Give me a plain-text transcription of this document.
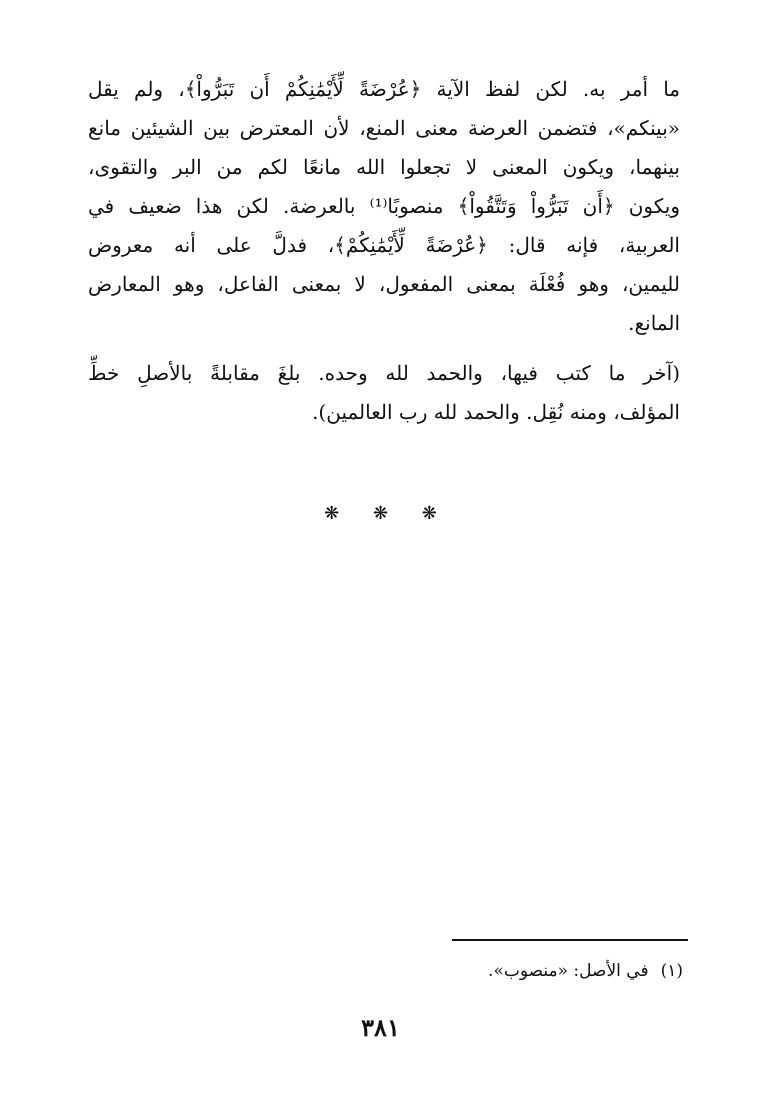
ما أمر به. لكن لفظ الآية ﴿عُرْضَةً لِّأَيْمَٰنِكُمْ أَن تَبَرُّواْ﴾، ولم يقل
«بينكم»، فتضمن العرضة معنى المنع، لأن المعترض بين الشيئين مانع
بينهما، ويكون المعنى لا تجعلوا الله مانعًا لكم من البر والتقوى،
ويكون ﴿أَن تَبَرُّواْ وَتَتَّقُواْ﴾ منصوبًا⁽¹⁾ بالعرضة. لكن هذا ضعيف في
العربية، فإنه قال: ﴿عُرْضَةً لِّأَيْمَٰنِكُمْ﴾، فدلَّ على أنه معروض
لليمين، وهو فُعْلَة بمعنى المفعول، لا بمعنى الفاعل، وهو المعارض
المانع.
(آخر ما كتب فيها، والحمد لله وحده. بلغَ مقابلةً بالأصلِ خطِّ
المؤلف، ومنه نُقِل. والحمد لله رب العالمين).
❋ ❋ ❋
(١)في الأصل: «منصوب».
٣٨١
